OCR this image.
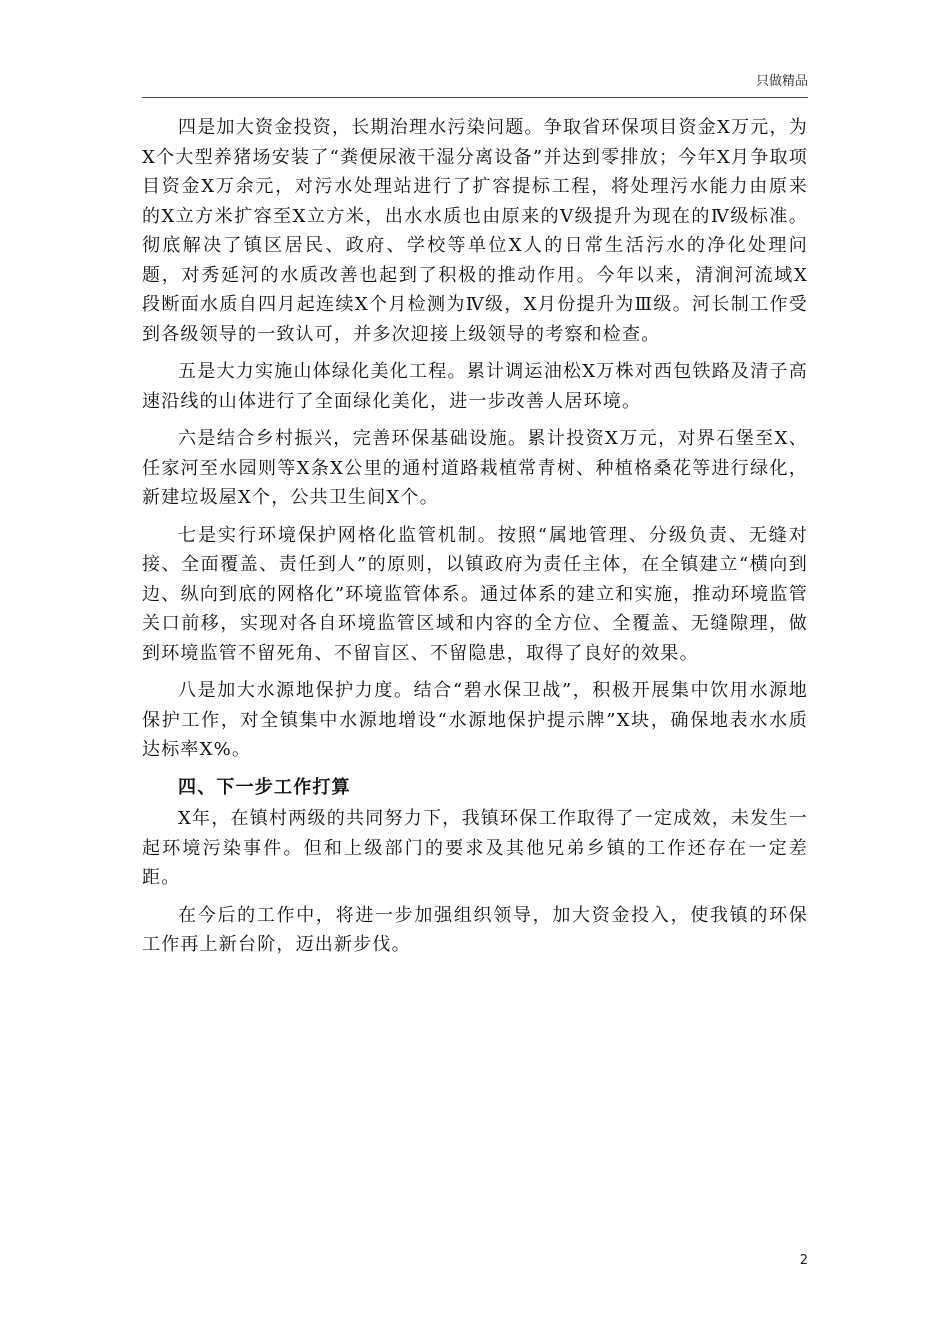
只做精品

四是加大资金投资，长期治理水污染问题。争取省环保项目资金X万元，为X个大型养猪场安装了“粪便尿液干湿分离设备”并达到零排放；今年X月争取项目资金X万余元，对污水处理站进行了扩容提标工程，将处理污水能力由原来的X立方米扩容至X立方米，出水水质也由原来的Ⅴ级提升为现在的Ⅳ级标准。彻底解决了镇区居民、政府、学校等单位X人的日常生活污水的净化处理问题，对秀延河的水质改善也起到了积极的推动作用。今年以来，清涧河流域X段断面水质自四月起连续X个月检测为Ⅳ级，X月份提升为Ⅲ级。河长制工作受到各级领导的一致认可，并多次迎接上级领导的考察和检查。

五是大力实施山体绿化美化工程。累计调运油松X万株对西包铁路及清子高速沿线的山体进行了全面绿化美化，进一步改善人居环境。

六是结合乡村振兴，完善环保基础设施。累计投资X万元，对界石堡至X、任家河至水园则等X条X公里的通村道路栽植常青树、种植格桑花等进行绿化，新建垃圾屋X个，公共卫生间X个。

七是实行环境保护网格化监管机制。按照“属地管理、分级负责、无缝对接、全面覆盖、责任到人”的原则，以镇政府为责任主体，在全镇建立“横向到边、纵向到底的网格化”环境监管体系。通过体系的建立和实施，推动环境监管关口前移，实现对各自环境监管区域和内容的全方位、全覆盖、无缝隙理，做到环境监管不留死角、不留盲区、不留隐患，取得了良好的效果。

八是加大水源地保护力度。结合“碧水保卫战”，积极开展集中饮用水源地保护工作，对全镇集中水源地增设“水源地保护提示牌”X块，确保地表水水质达标率X%。

四、下一步工作打算

X年，在镇村两级的共同努力下，我镇环保工作取得了一定成效，未发生一起环境污染事件。但和上级部门的要求及其他兄弟乡镇的工作还存在一定差距。

在今后的工作中，将进一步加强组织领导，加大资金投入，使我镇的环保工作再上新台阶，迈出新步伐。

2
